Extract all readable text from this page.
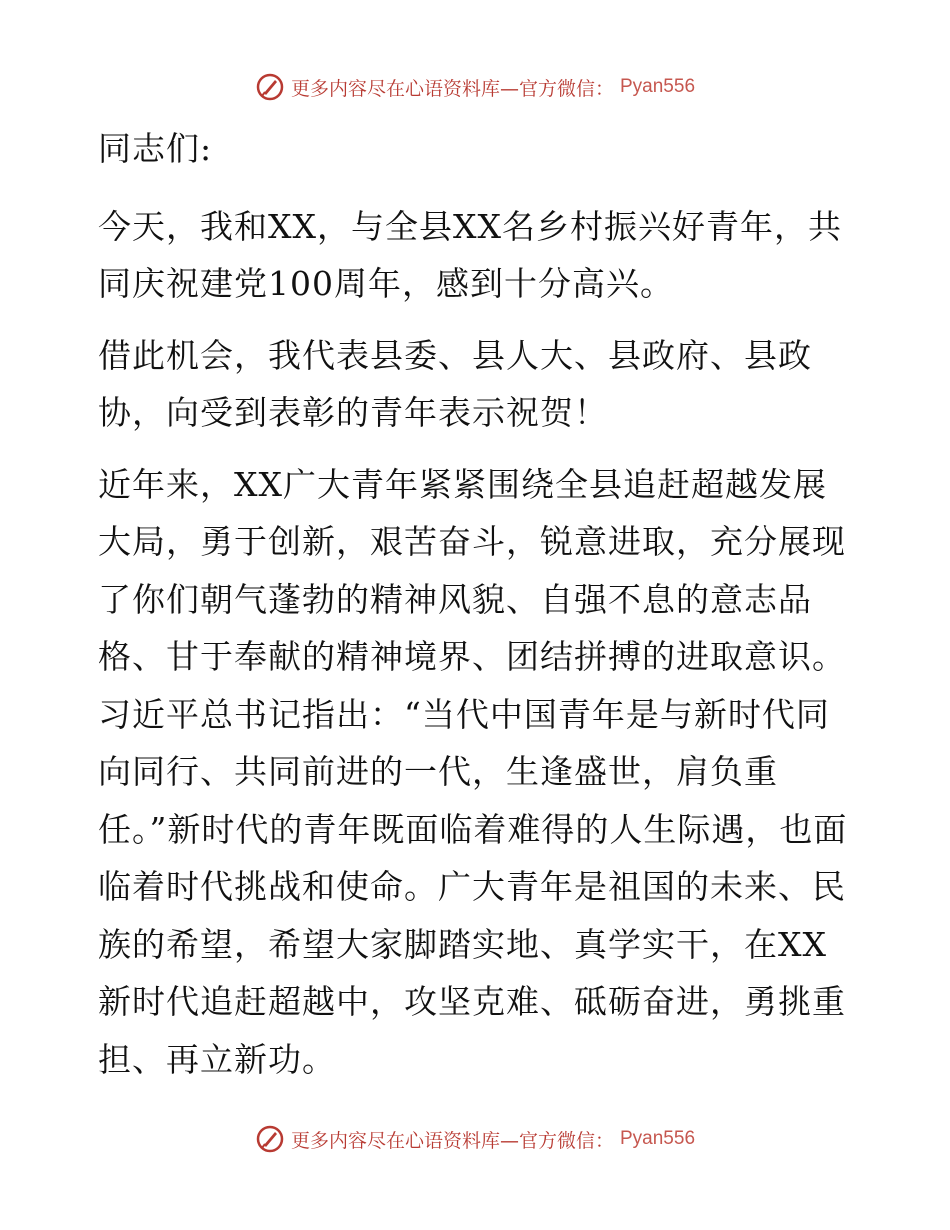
更多内容尽在心语资料库—官方微信： Pyan556

同志们:

今天，我和XX，与全县XX名乡村振兴好青年，共同庆祝建党100周年，感到十分高兴。

借此机会，我代表县委、县人大、县政府、县政协，向受到表彰的青年表示祝贺！

近年来，XX广大青年紧紧围绕全县追赶超越发展大局，勇于创新，艰苦奋斗，锐意进取，充分展现了你们朝气蓬勃的精神风貌、自强不息的意志品格、甘于奉献的精神境界、团结拼搏的进取意识。习近平总书记指出：“当代中国青年是与新时代同向同行、共同前进的一代，生逢盛世，肩负重任。”新时代的青年既面临着难得的人生际遇，也面临着时代挑战和使命。广大青年是祖国的未来、民族的希望，希望大家脚踏实地、真学实干，在XX新时代追赶超越中，攻坚克难、砥砺奋进，勇挑重担、再立新功。

更多内容尽在心语资料库—官方微信： Pyan556
